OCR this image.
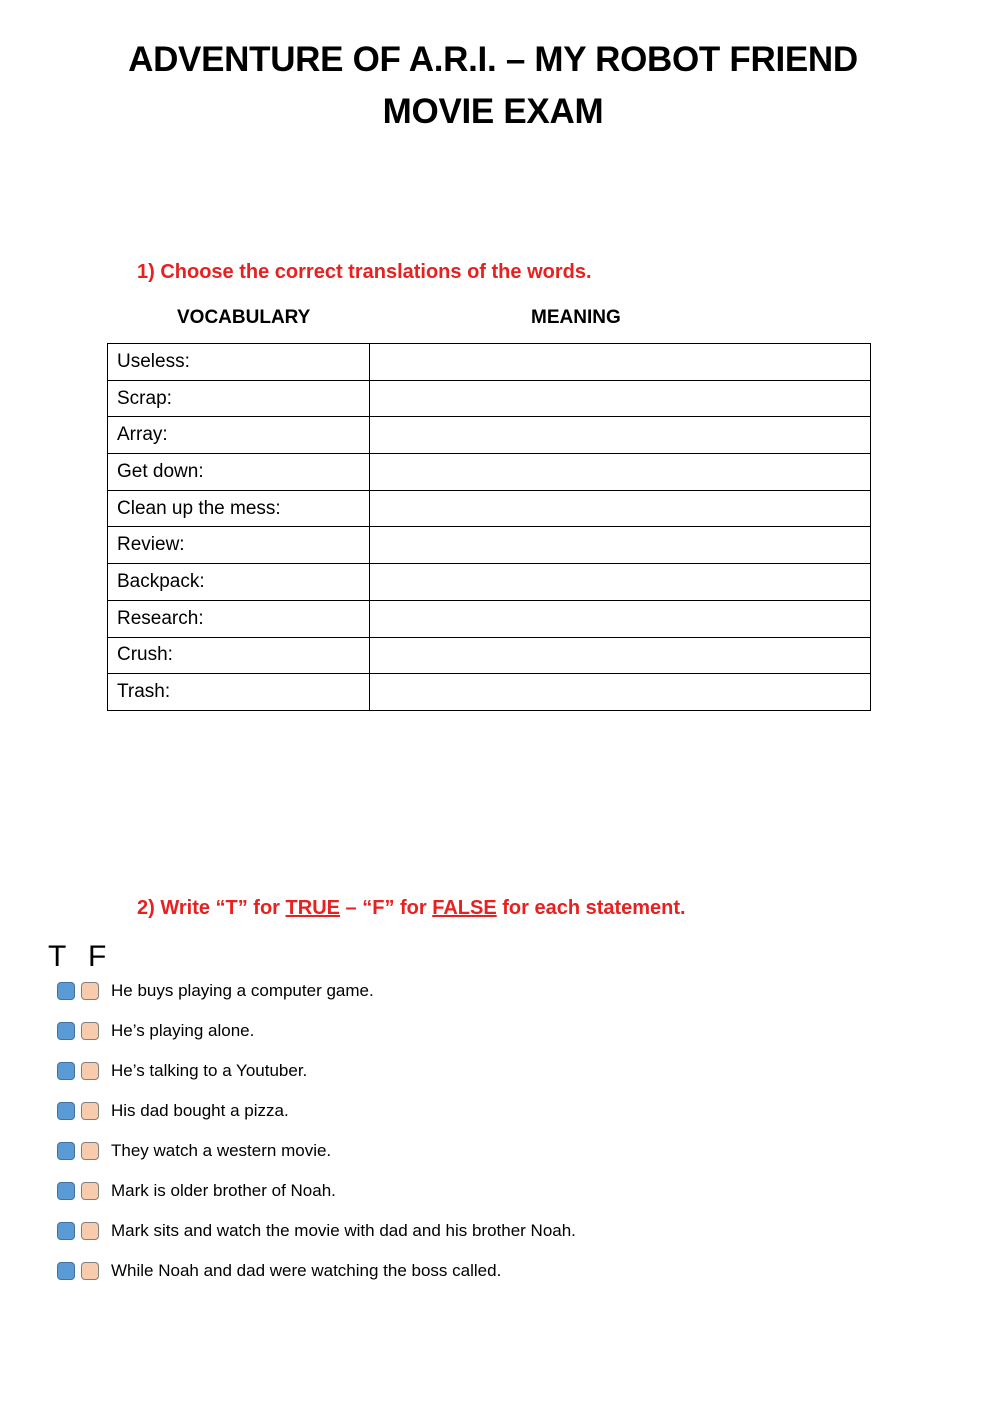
ADVENTURE OF A.R.I. – MY ROBOT FRIEND
MOVIE EXAM
1) Choose the correct translations of the words.
VOCABULARY	MEANING
Useless:	
Scrap:	
Array:	
Get down:	
Clean up the mess:	
Review:	
Backpack:	
Research:	
Crush:	
Trash:	
2) Write “T” for TRUE – “F” for FALSE for each statement.
T F
He buys playing a computer game.
He’s playing alone.
He’s talking to a Youtuber.
His dad bought a pizza.
They watch a western movie.
Mark is older brother of Noah.
Mark sits and watch the movie with dad and his brother Noah.
While Noah and dad were watching the boss called.
